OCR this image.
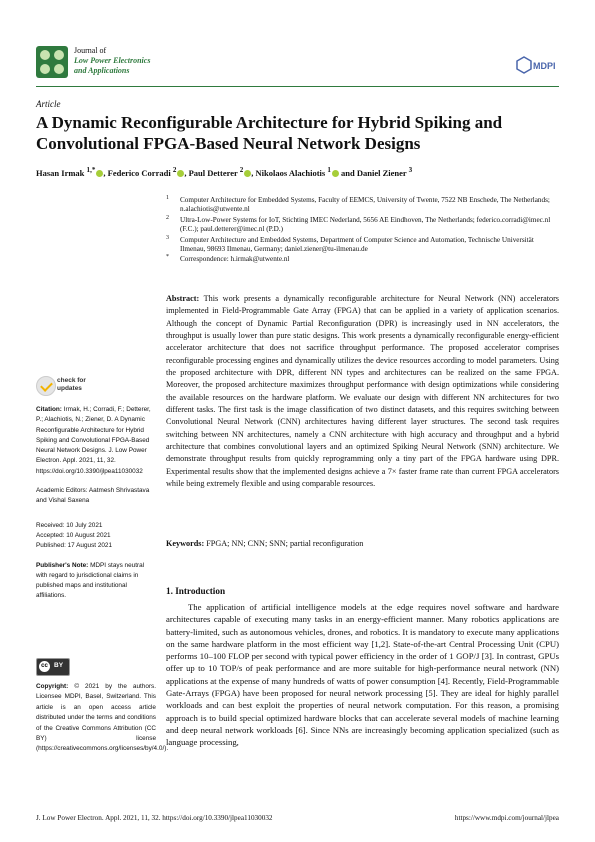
Journal of
Low Power Electronics
and Applications	MDPI
Article
A Dynamic Reconfigurable Architecture for Hybrid Spiking and Convolutional FPGA-Based Neural Network Designs
Hasan Irmak $^{1,*}$ , Federico Corradi $^2$ , Paul Detterer $^2$ , Nikolaos Alachiotis $^1$ and Daniel Ziener $^3$
1 Computer Architecture for Embedded Systems, Faculty of EEMCS, University of Twente, 7522 NB Enschede, The Netherlands; n.alachiotis@utwente.nl
2 Ultra-Low-Power Systems for IoT, Stichting IMEC Nederland, 5656 AE Eindhoven, The Netherlands; federico.corradi@imec.nl (F.C.); paul.detterer@imec.nl (P.D.)
3 Computer Architecture and Embedded Systems, Department of Computer Science and Automation, Technische Universität Ilmenau, 98693 Ilmenau, Germany; daniel.ziener@tu-ilmenau.de
* Correspondence: h.irmak@utwente.nl
Abstract: This work presents a dynamically reconfigurable architecture for Neural Network (NN) accelerators implemented in Field-Programmable Gate Array (FPGA) that can be applied in a variety of application scenarios. Although the concept of Dynamic Partial Reconfiguration (DPR) is increasingly used in NN accelerators, the throughput is usually lower than pure static designs. This work presents a dynamically reconfigurable energy-efficient accelerator architecture that does not sacrifice throughput performance. The proposed accelerator comprises reconfigurable processing engines and dynamically utilizes the device resources according to model parameters. Using the proposed architecture with DPR, different NN types and architectures can be realized on the same FPGA. Moreover, the proposed architecture maximizes throughput performance with design optimizations while considering the available resources on the hardware platform. We evaluate our design with different NN architectures for two different tasks. The first task is the image classification of two distinct datasets, and this requires switching between Convolutional Neural Network (CNN) architectures having different layer structures. The second task requires switching between NN architectures, namely a CNN architecture with high accuracy and throughput and a hybrid architecture that combines convolutional layers and an optimized Spiking Neural Network (SNN) architecture. We demonstrate throughput results from quickly reprogramming only a tiny part of the FPGA hardware using DPR. Experimental results show that the implemented designs achieve a 7× faster frame rate than current FPGA accelerators while being extremely flexible and using comparable resources.
Keywords: FPGA; NN; CNN; SNN; partial reconfiguration
check for
updates

Citation: Irmak, H.; Corradi, F.; Detterer, P.; Alachiotis, N.; Ziener, D. A Dynamic Reconfigurable Architecture for Hybrid Spiking and Convolutional FPGA-Based Neural Network Designs. J. Low Power Electron. Appl. 2021, 11, 32. https://doi.org/10.3390/jlpea11030032

Academic Editors: Aatmesh Shrivastava and Vishal Saxena

Received: 10 July 2021
Accepted: 10 August 2021
Published: 17 August 2021

Publisher's Note: MDPI stays neutral with regard to jurisdictional claims in published maps and institutional affiliations.

cc BY
Copyright: © 2021 by the authors. Licensee MDPI, Basel, Switzerland. This article is an open access article distributed under the terms and conditions of the Creative Commons Attribution (CC BY) license (https://creativecommons.org/licenses/by/4.0/).
1. Introduction

The application of artificial intelligence models at the edge requires novel software and hardware architectures capable of executing many tasks in an energy-efficient manner. Many robotics applications are battery-limited, such as autonomous vehicles, drones, and robotics. It is mandatory to execute many applications on the same hardware platform in the most efficient way [1,2]. State-of-the-art Central Processing Unit (CPU) performs 10–100 FLOP per second with typical power efficiency in the order of 1 GOP/J [3]. In contrast, GPUs offer up to 10 TOP/s of peak performance and are more suitable for high-performance neural network (NN) applications at the expense of many hundreds of watts of power consumption [4]. Recently, Field-Programmable Gate-Arrays (FPGA) have been proposed for neural network processing [5]. They are ideal for highly parallel workloads and can best exploit the properties of neural network computation. For this reason, a promising approach is to build special optimized hardware blocks that can accelerate several models of machine learning and deep neural network workloads [6]. Since NNs are increasingly becoming application specialized (such as language processing,

J. Low Power Electron. Appl. 2021, 11, 32. https://doi.org/10.3390/jlpea11030032	https://www.mdpi.com/journal/jlpea
